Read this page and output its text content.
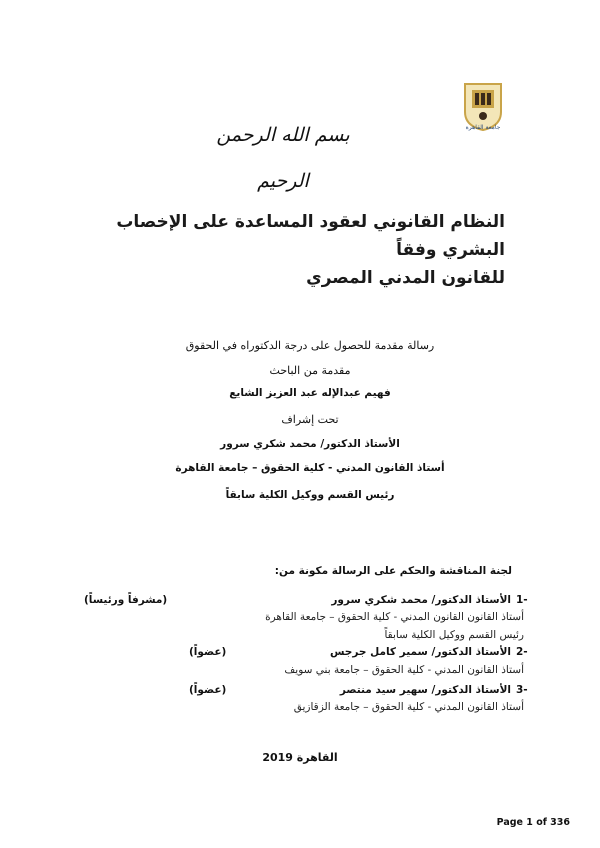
جامعة القاهرة
بسم الله الرحمن الرحيم
النظام القانوني لعقود المساعدة على الإخصاب البشري وفقاً
للقانون المدني المصري
رسالة مقدمة للحصول على درجة الدكتوراه في الحقوق
مقدمة من الباحث
فهيم عبدالإله عبد العزيز الشايع
تحت إشراف
الأستاذ الدكتور/ محمد شكري سرور
أستاذ القانون المدني - كلية الحقوق – جامعة القاهرة
رئيس القسم ووكيل الكلية سابقاً
لجنة المناقشة والحكم على الرسالة مكونة من:
1-
الأستاذ الدكتور/ محمد شكري سرور
(مشرفاً ورئيساً)
أستاذ القانون القانون المدني - كلية الحقوق – جامعة القاهرة
رئيس القسم ووكيل الكلية سابقاً
2-
الأستاذ الدكتور/ سمير كامل جرجس
(عضواً)
أستاذ القانون المدني - كلية الحقوق – جامعة بني سويف
3-
الأستاذ الدكتور/ سهير سيد منتصر
(عضواً)
أستاذ القانون المدني - كلية الحقوق – جامعة الزقازيق
القاهرة 2019
Page 1 of 336
